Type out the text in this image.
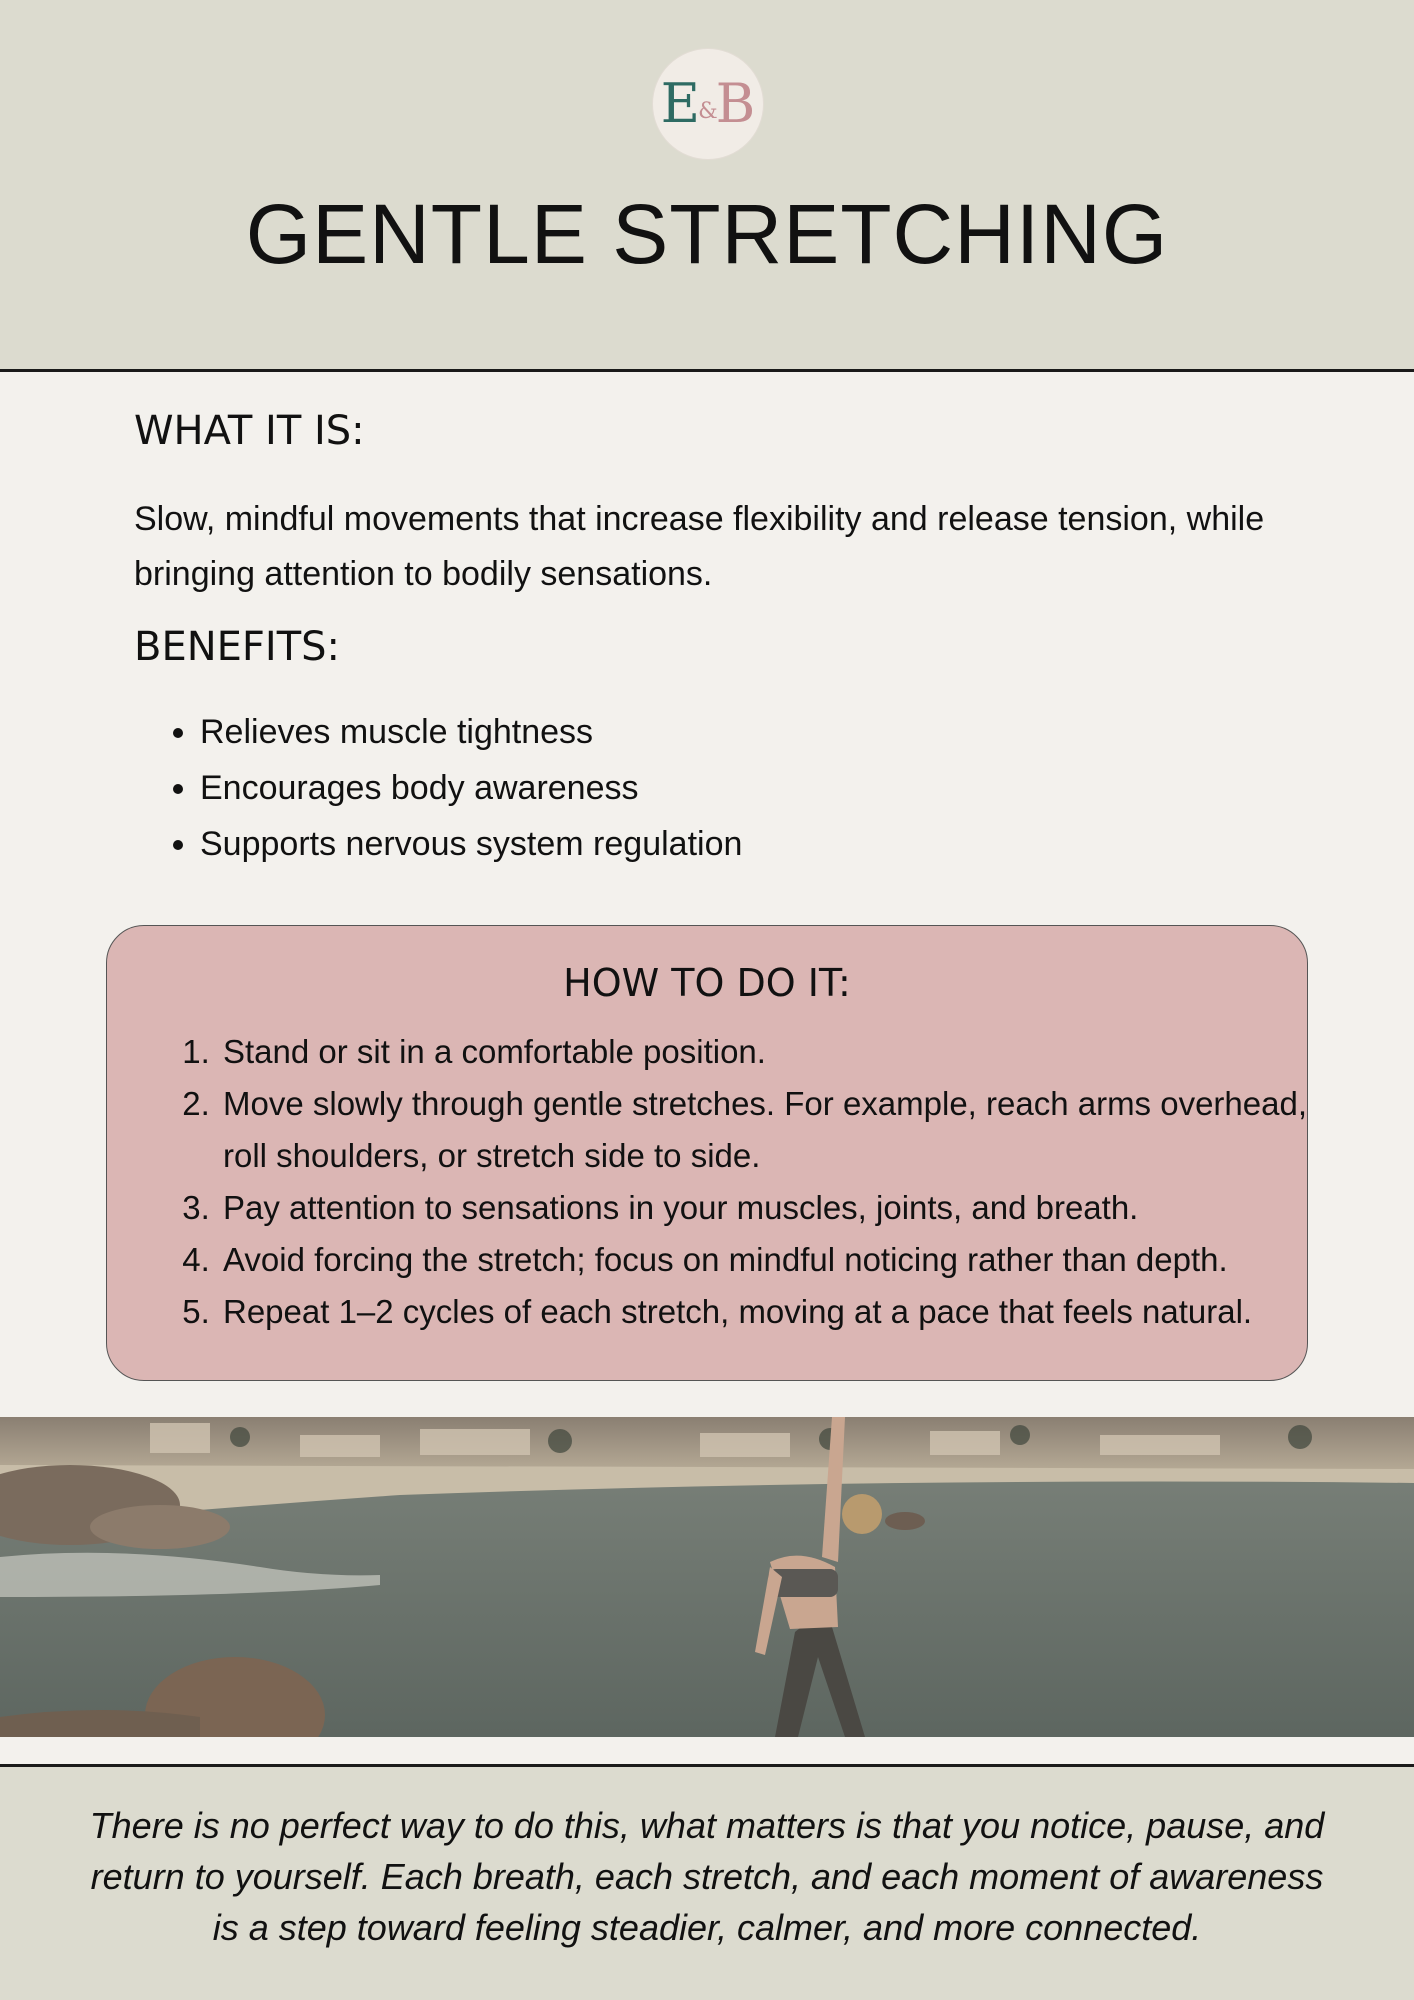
E
&
B
GENTLE STRETCHING
WHAT IT IS:

Slow, mindful movements that increase flexibility and release tension, while bringing attention to bodily sensations.

BENEFITS:
• Relieves muscle tightness
• Encourages body awareness
• Supports nervous system regulation
HOW TO DO IT:
1. Stand or sit in a comfortable position.
2. Move slowly through gentle stretches. For example, reach arms overhead, roll shoulders, or stretch side to side.
3. Pay attention to sensations in your muscles, joints, and breath.
4. Avoid forcing the stretch; focus on mindful noticing rather than depth.
5. Repeat 1–2 cycles of each stretch, moving at a pace that feels natural.

There is no perfect way to do this, what matters is that you notice, pause, and return to yourself. Each breath, each stretch, and each moment of awareness is a step toward feeling steadier, calmer, and more connected.
